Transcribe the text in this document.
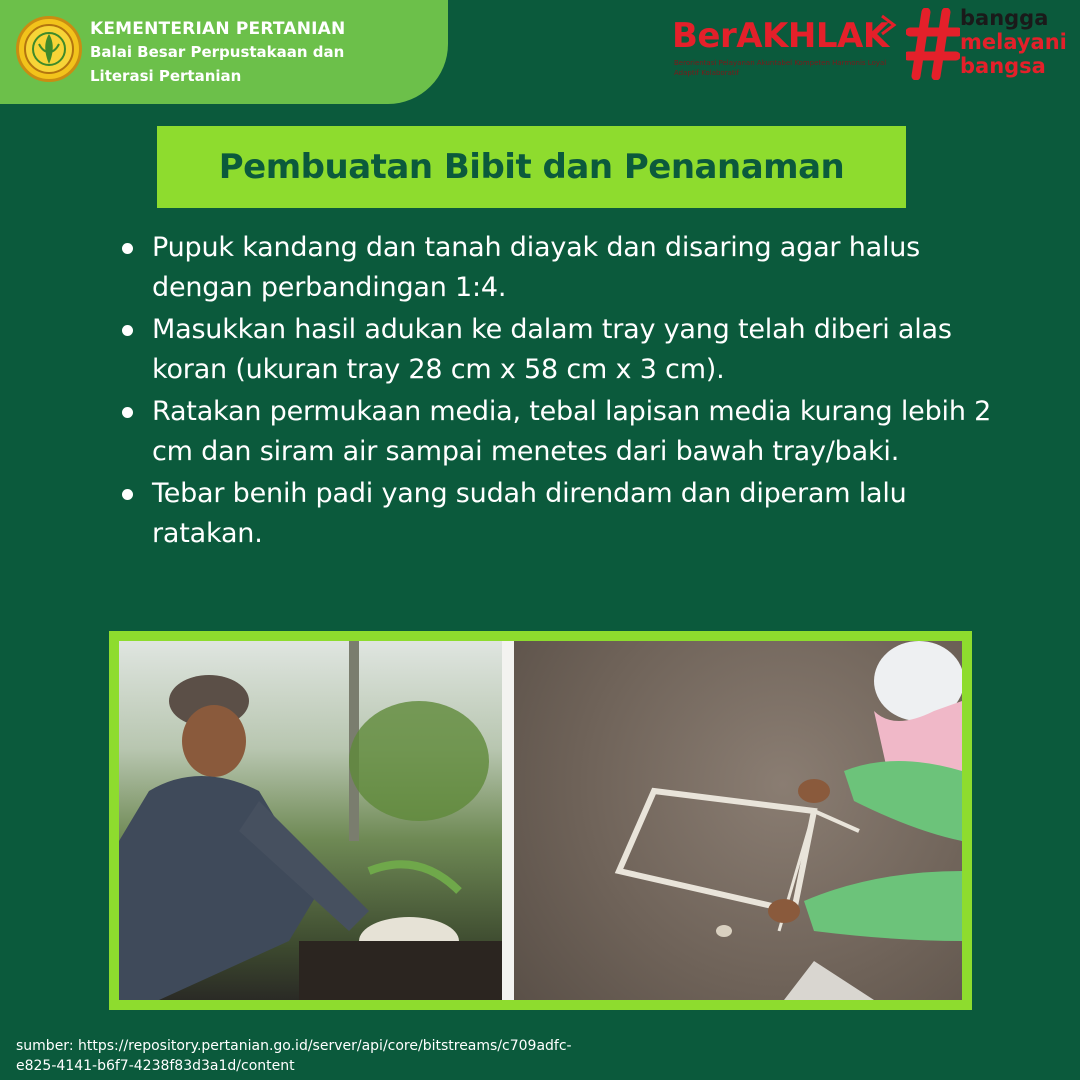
KEMENTERIAN PERTANIAN
Balai Besar Perpustakaan dan
Literasi Pertanian
BerAKHLAK
Berorientasi Pelayanan Akuntabel Kompeten Harmonis Loyal Adaptif Kolaboratif
bangga
melayani
bangsa
Pembuatan Bibit dan Penanaman
Pupuk kandang dan tanah diayak dan disaring agar halus dengan perbandingan 1:4.
Masukkan hasil adukan ke dalam tray yang telah diberi alas koran (ukuran tray 28 cm x 58 cm x 3 cm).
Ratakan permukaan media, tebal lapisan media kurang lebih 2 cm dan siram air sampai menetes dari bawah tray/baki.
Tebar benih padi yang sudah direndam dan diperam lalu ratakan.
sumber: https://repository.pertanian.go.id/server/api/core/bitstreams/c709adfc-
e825-4141-b6f7-4238f83d3a1d/content
